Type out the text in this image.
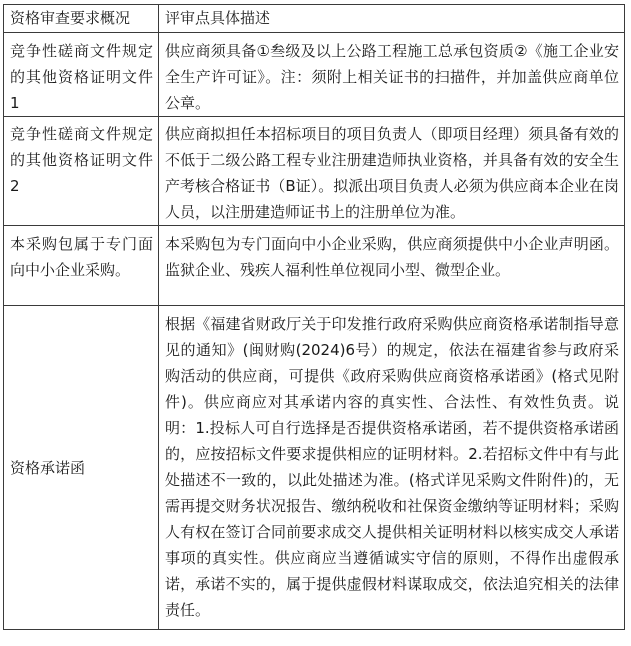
资格审查要求概况	评审点具体描述
竞争性磋商文件规定的其他资格证明文件1	供应商须具备①叁级及以上公路工程施工总承包资质②《施工企业安全生产许可证》。注：须附上相关证书的扫描件，并加盖供应商单位公章。
竞争性磋商文件规定的其他资格证明文件2	供应商拟担任本招标项目的项目负责人（即项目经理）须具备有效的不低于二级公路工程专业注册建造师执业资格，并具备有效的安全生产考核合格证书（B证）。拟派出项目负责人必须为供应商本企业在岗人员，以注册建造师证书上的注册单位为准。
本采购包属于专门面向中小企业采购。	本采购包为专门面向中小企业采购，供应商须提供中小企业声明函。监狱企业、残疾人福利性单位视同小型、微型企业。
资格承诺函	根据《福建省财政厅关于印发推行政府采购供应商资格承诺制指导意见的通知》(闽财购(2024)6号）的规定，依法在福建省参与政府采购活动的供应商，可提供《政府采购供应商资格承诺函》(格式见附件)。供应商应对其承诺内容的真实性、合法性、有效性负责。说明：1.投标人可自行选择是否提供资格承诺函，若不提供资格承诺函的，应按招标文件要求提供相应的证明材料。2.若招标文件中有与此处描述不一致的，以此处描述为准。(格式详见采购文件附件)的，无需再提交财务状况报告、缴纳税收和社保资金缴纳等证明材料；采购人有权在签订合同前要求成交人提供相关证明材料以核实成交人承诺事项的真实性。供应商应当遵循诚实守信的原则，不得作出虚假承诺，承诺不实的，属于提供虚假材料谋取成交，依法追究相关的法律责任。
